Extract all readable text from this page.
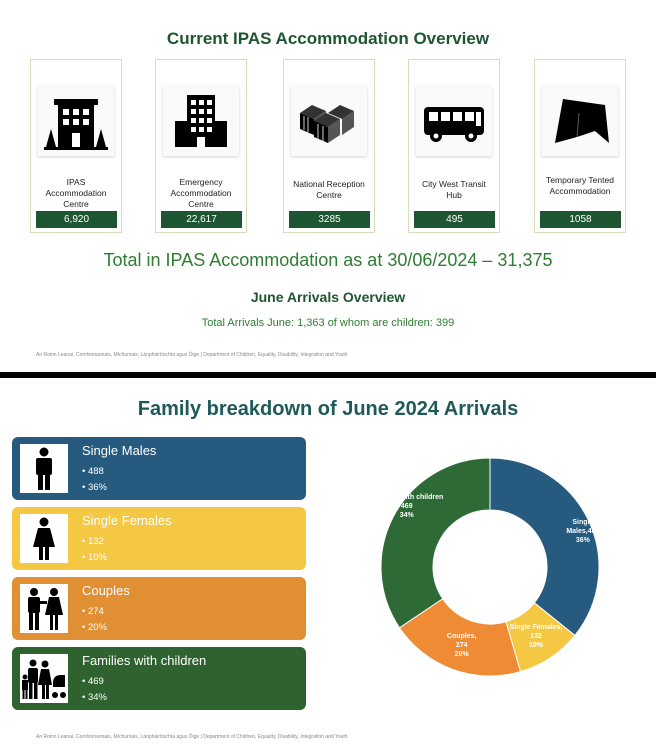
Current IPAS Accommodation Overview
IPAS
Accommodation
Centre
6,920
Emergency
Accommodation
Centre
22,617
National Reception
Centre
3285
City West Transit
Hub
495
Temporary Tented
Accommodation
1058
Total in IPAS Accommodation as at 30/06/2024 – 31,375
June Arrivals Overview
Total Arrivals June: 1,363 of whom are children: 399
An Roinn Leanaí, Comhionannais, Míchumais, Lánpháirtíochta agus Óige | Department of Children, Equality, Disability, Integration and Youth
Family breakdown of June 2024 Arrivals
Single Males
• 488
• 36%
Single Females
• 132
• 10%
Couples
• 274
• 20%
Families with children
• 469
• 34%
An Roinn Leanaí, Comhionannais, Míchumais, Lánpháirtíochta agus Óige | Department of Children, Equality, Disability, Integration and Youth
Single
Males,488
36%
Single Females,
132
10%
Couples,
274
20%
Families with children
469
34%
